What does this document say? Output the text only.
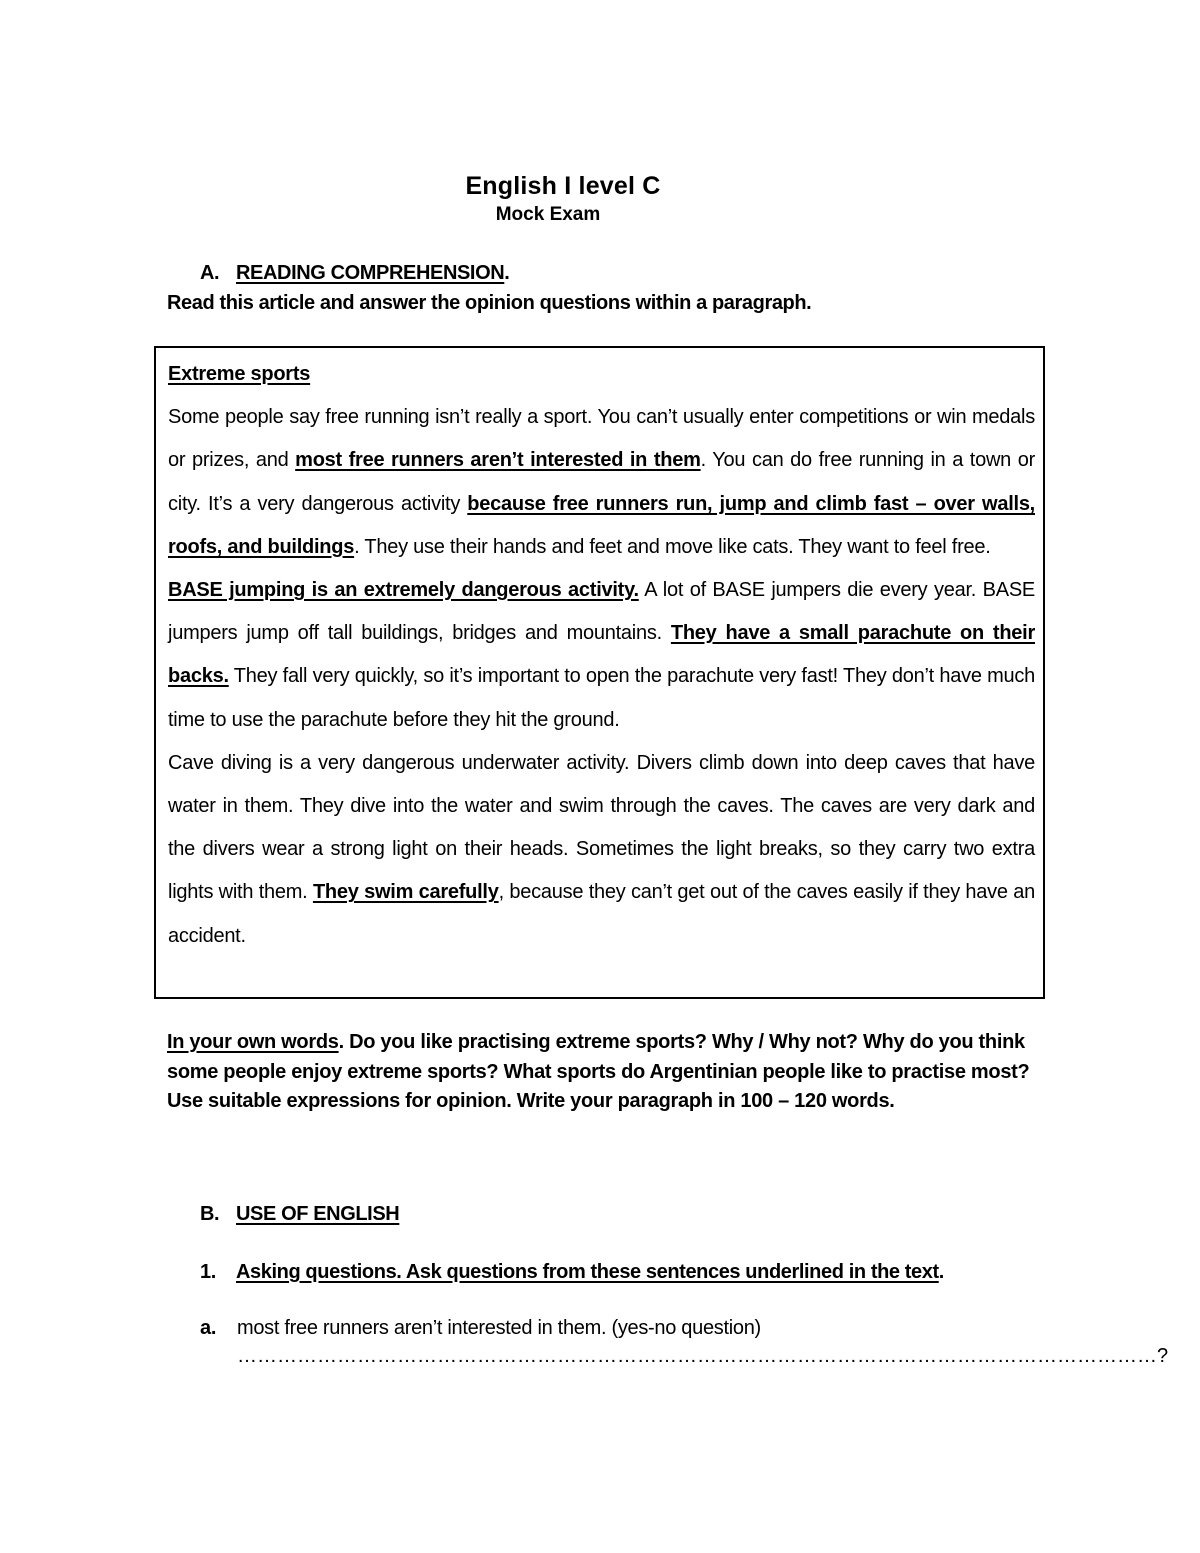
English I level C
Mock Exam
A. READING COMPREHENSION.
Read this article and answer the opinion questions within a paragraph.

Extreme sports

Some people say free running isn’t really a sport. You can’t usually enter competitions or win medals or prizes, and most free runners aren’t interested in them. You can do free running in a town or city. It’s a very dangerous activity because free runners run, jump and climb fast – over walls, roofs, and buildings. They use their hands and feet and move like cats. They want to feel free.

BASE jumping is an extremely dangerous activity. A lot of BASE jumpers die every year. BASE jumpers jump off tall buildings, bridges and mountains. They have a small parachute on their backs. They fall very quickly, so it’s important to open the parachute very fast! They don’t have much time to use the parachute before they hit the ground.

Cave diving is a very dangerous underwater activity. Divers climb down into deep caves that have water in them. They dive into the water and swim through the caves. The caves are very dark and the divers wear a strong light on their heads. Sometimes the light breaks, so they carry two extra lights with them. They swim carefully, because they can’t get out of the caves easily if they have an accident.

In your own words. Do you like practising extreme sports? Why / Why not? Why do you think some people enjoy extreme sports? What sports do Argentinian people like to practise most? Use suitable expressions for opinion. Write your paragraph in 100 – 120 words.
B. USE OF ENGLISH
1. Asking questions. Ask questions from these sentences underlined in the text.
a. most free runners aren’t interested in them. (yes-no question)
…………………………………………………………………………………………………………………………?
